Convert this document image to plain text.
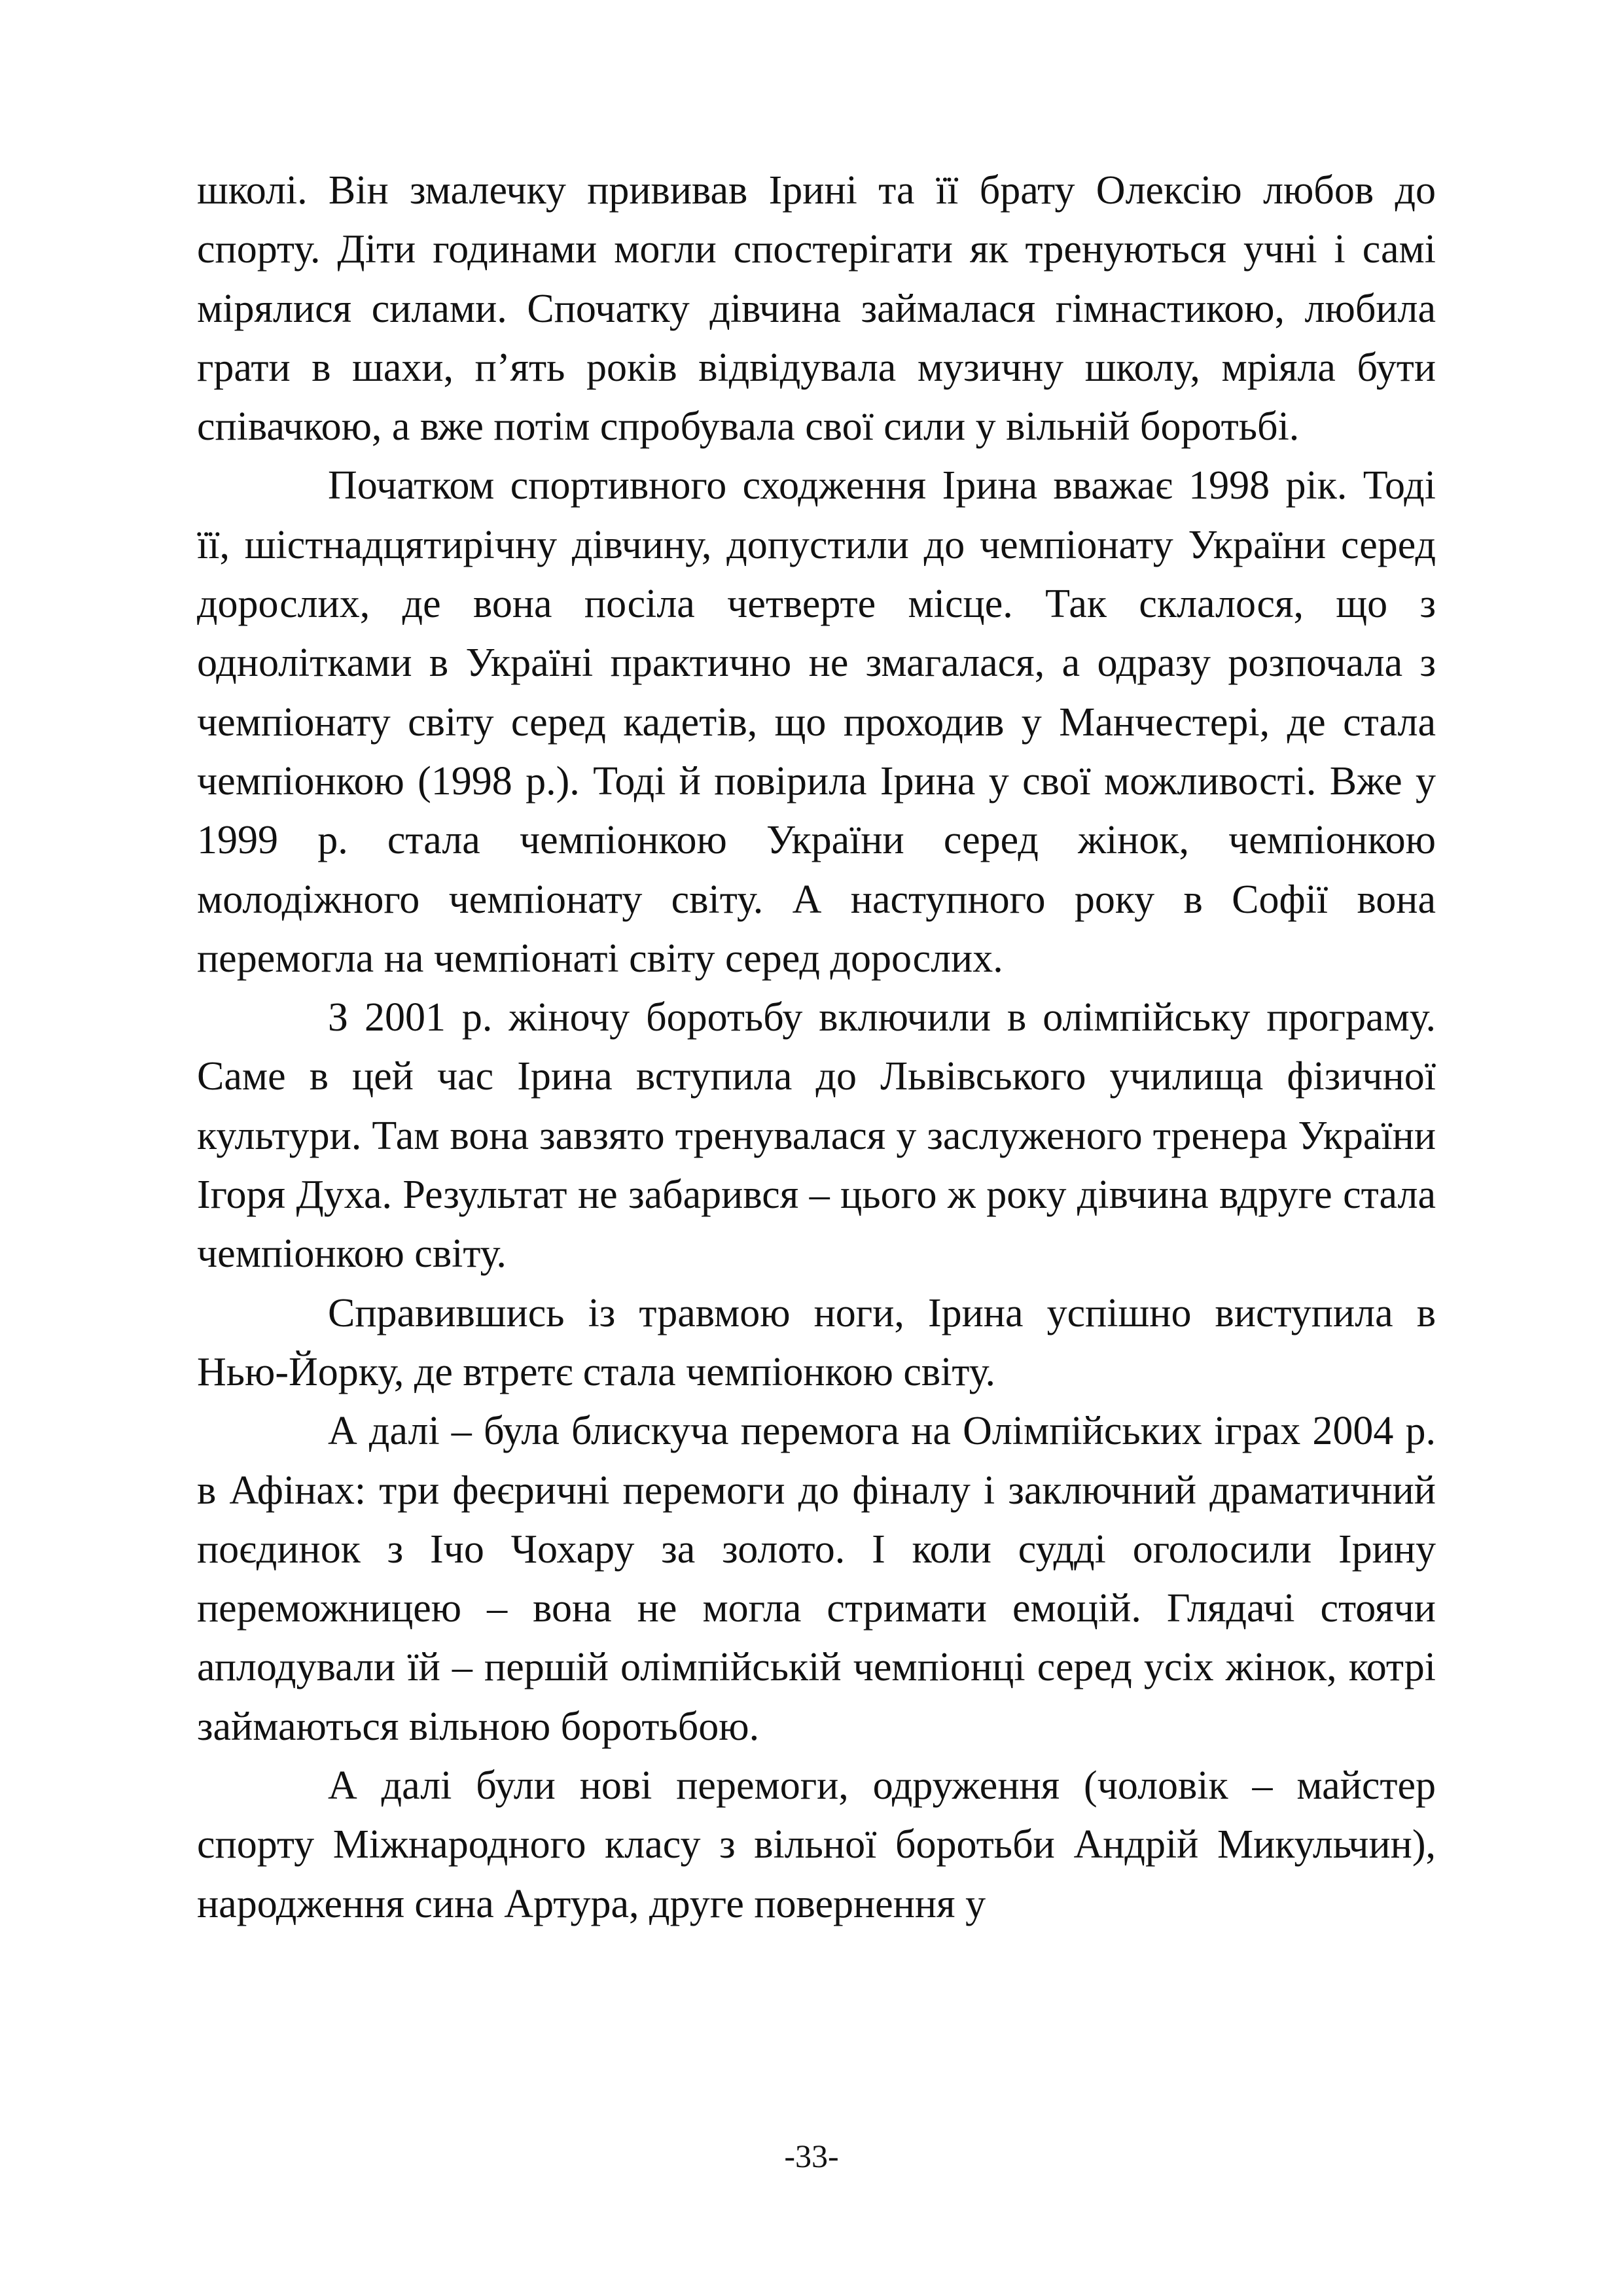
школі. Він змалечку прививав Ірині та її брату Олексію любов до спорту. Діти годинами могли спостерігати як тренуються учні і самі мірялися силами. Спочатку дівчина займалася гімнастикою, любила грати в шахи, п’ять років відвідувала музичну школу, мріяла бути співачкою, а вже потім спробувала свої сили у вільній боротьбі.

Початком спортивного сходження Ірина вважає 1998 рік. Тоді її, шістнадцятирічну дівчину, допустили до чемпіонату України серед дорослих, де вона посіла четверте місце. Так склалося, що з однолітками в Україні практично не змагалася, а одразу розпочала з чемпіонату світу серед кадетів, що проходив у Манчестері, де стала чемпіонкою (1998 р.). Тоді й повірила Ірина у свої можливості. Вже у 1999 р. стала чемпіонкою України серед жінок, чемпіонкою молодіжного чемпіонату світу. А наступного року в Софії вона перемогла на чемпіонаті світу серед дорослих.

З 2001 р. жіночу боротьбу включили в олімпійську програму. Саме в цей час Ірина вступила до Львівського училища фізичної культури. Там вона завзято тренувалася у заслуженого тренера України Ігоря Духа. Результат не забарився – цього ж року дівчина вдруге стала чемпіонкою світу.

Справившись із травмою ноги, Ірина успішно виступила в Нью-Йорку, де втретє стала чемпіонкою світу.

А далі – була блискуча перемога на Олімпійських іграх 2004 р. в Афінах: три феєричні перемоги до фіналу і заключний драматичний поєдинок з Ічо Чохару за золото. І коли судді оголосили Ірину переможницею – вона не могла стримати емоцій. Глядачі стоячи аплодували їй – першій олімпійській чемпіонці серед усіх жінок, котрі займаються вільною боротьбою.

А далі були нові перемоги, одруження (чоловік – майстер спорту Міжнародного класу з вільної боротьби Андрій Микульчин), народження сина Артура, друге повернення у

-33-
